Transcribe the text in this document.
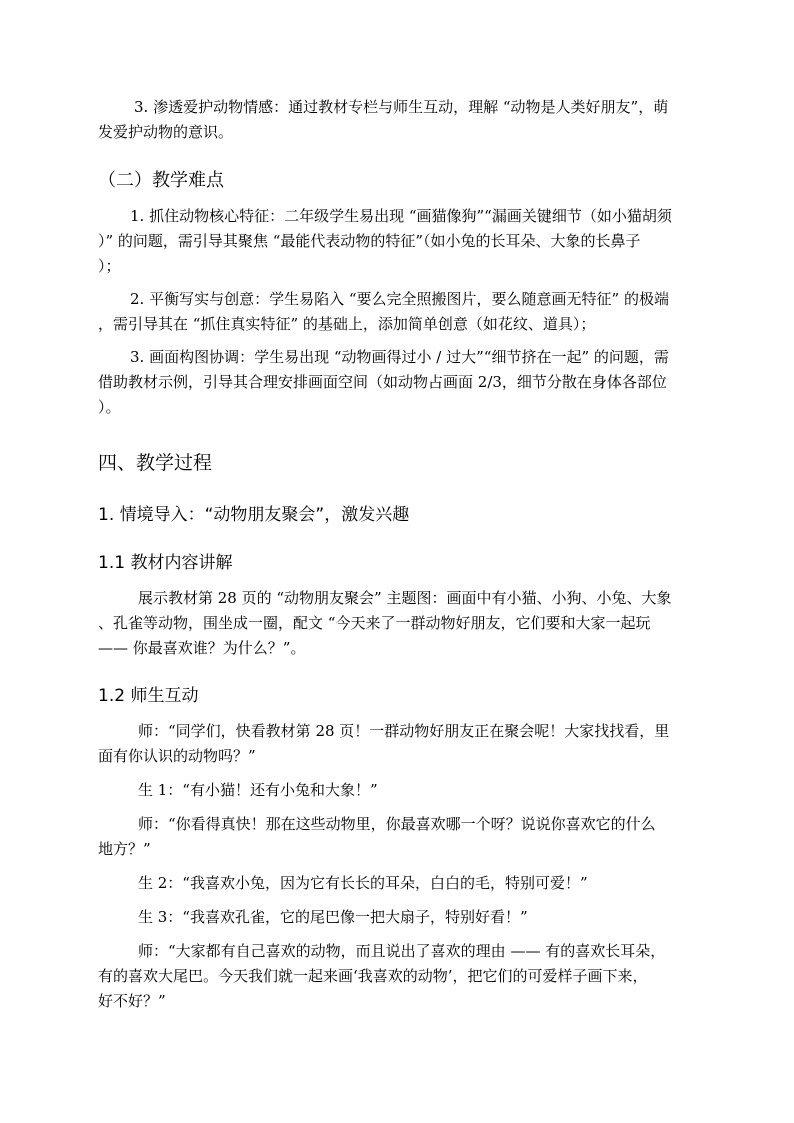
3. 渗透爱护动物情感：通过教材专栏与师生互动，理解 “动物是人类好朋友”，萌

发爱护动物的意识。

（二）教学难点

1. 抓住动物核心特征：二年级学生易出现 “画猫像狗”“漏画关键细节（如小猫胡须

）” 的问题，需引导其聚焦 “最能代表动物的特征”（如小兔的长耳朵、大象的长鼻子

）；

2. 平衡写实与创意：学生易陷入 “要么完全照搬图片，要么随意画无特征” 的极端

，需引导其在 “抓住真实特征” 的基础上，添加简单创意（如花纹、道具）；

3. 画面构图协调：学生易出现 “动物画得过小 / 过大”“细节挤在一起” 的问题，需

借助教材示例，引导其合理安排画面空间（如动物占画面 2/3，细节分散在身体各部位

）。

四、教学过程
1. 情境导入：“动物朋友聚会”，激发兴趣
1.1 教材内容讲解

展示教材第 28 页的 “动物朋友聚会” 主题图：画面中有小猫、小狗、小兔、大象

、孔雀等动物，围坐成一圈，配文 “今天来了一群动物好朋友，它们要和大家一起玩

—— 你最喜欢谁？为什么？”。

1.2 师生互动

师：“同学们，快看教材第 28 页！一群动物好朋友正在聚会呢！大家找找看，里

面有你认识的动物吗？”

生 1：“有小猫！还有小兔和大象！”

师：“你看得真快！那在这些动物里，你最喜欢哪一个呀？说说你喜欢它的什么

地方？”

生 2：“我喜欢小兔，因为它有长长的耳朵，白白的毛，特别可爱！”

生 3：“我喜欢孔雀，它的尾巴像一把大扇子，特别好看！”

师：“大家都有自己喜欢的动物，而且说出了喜欢的理由 —— 有的喜欢长耳朵，

有的喜欢大尾巴。今天我们就一起来画‘我喜欢的动物’，把它们的可爱样子画下来，

好不好？”
